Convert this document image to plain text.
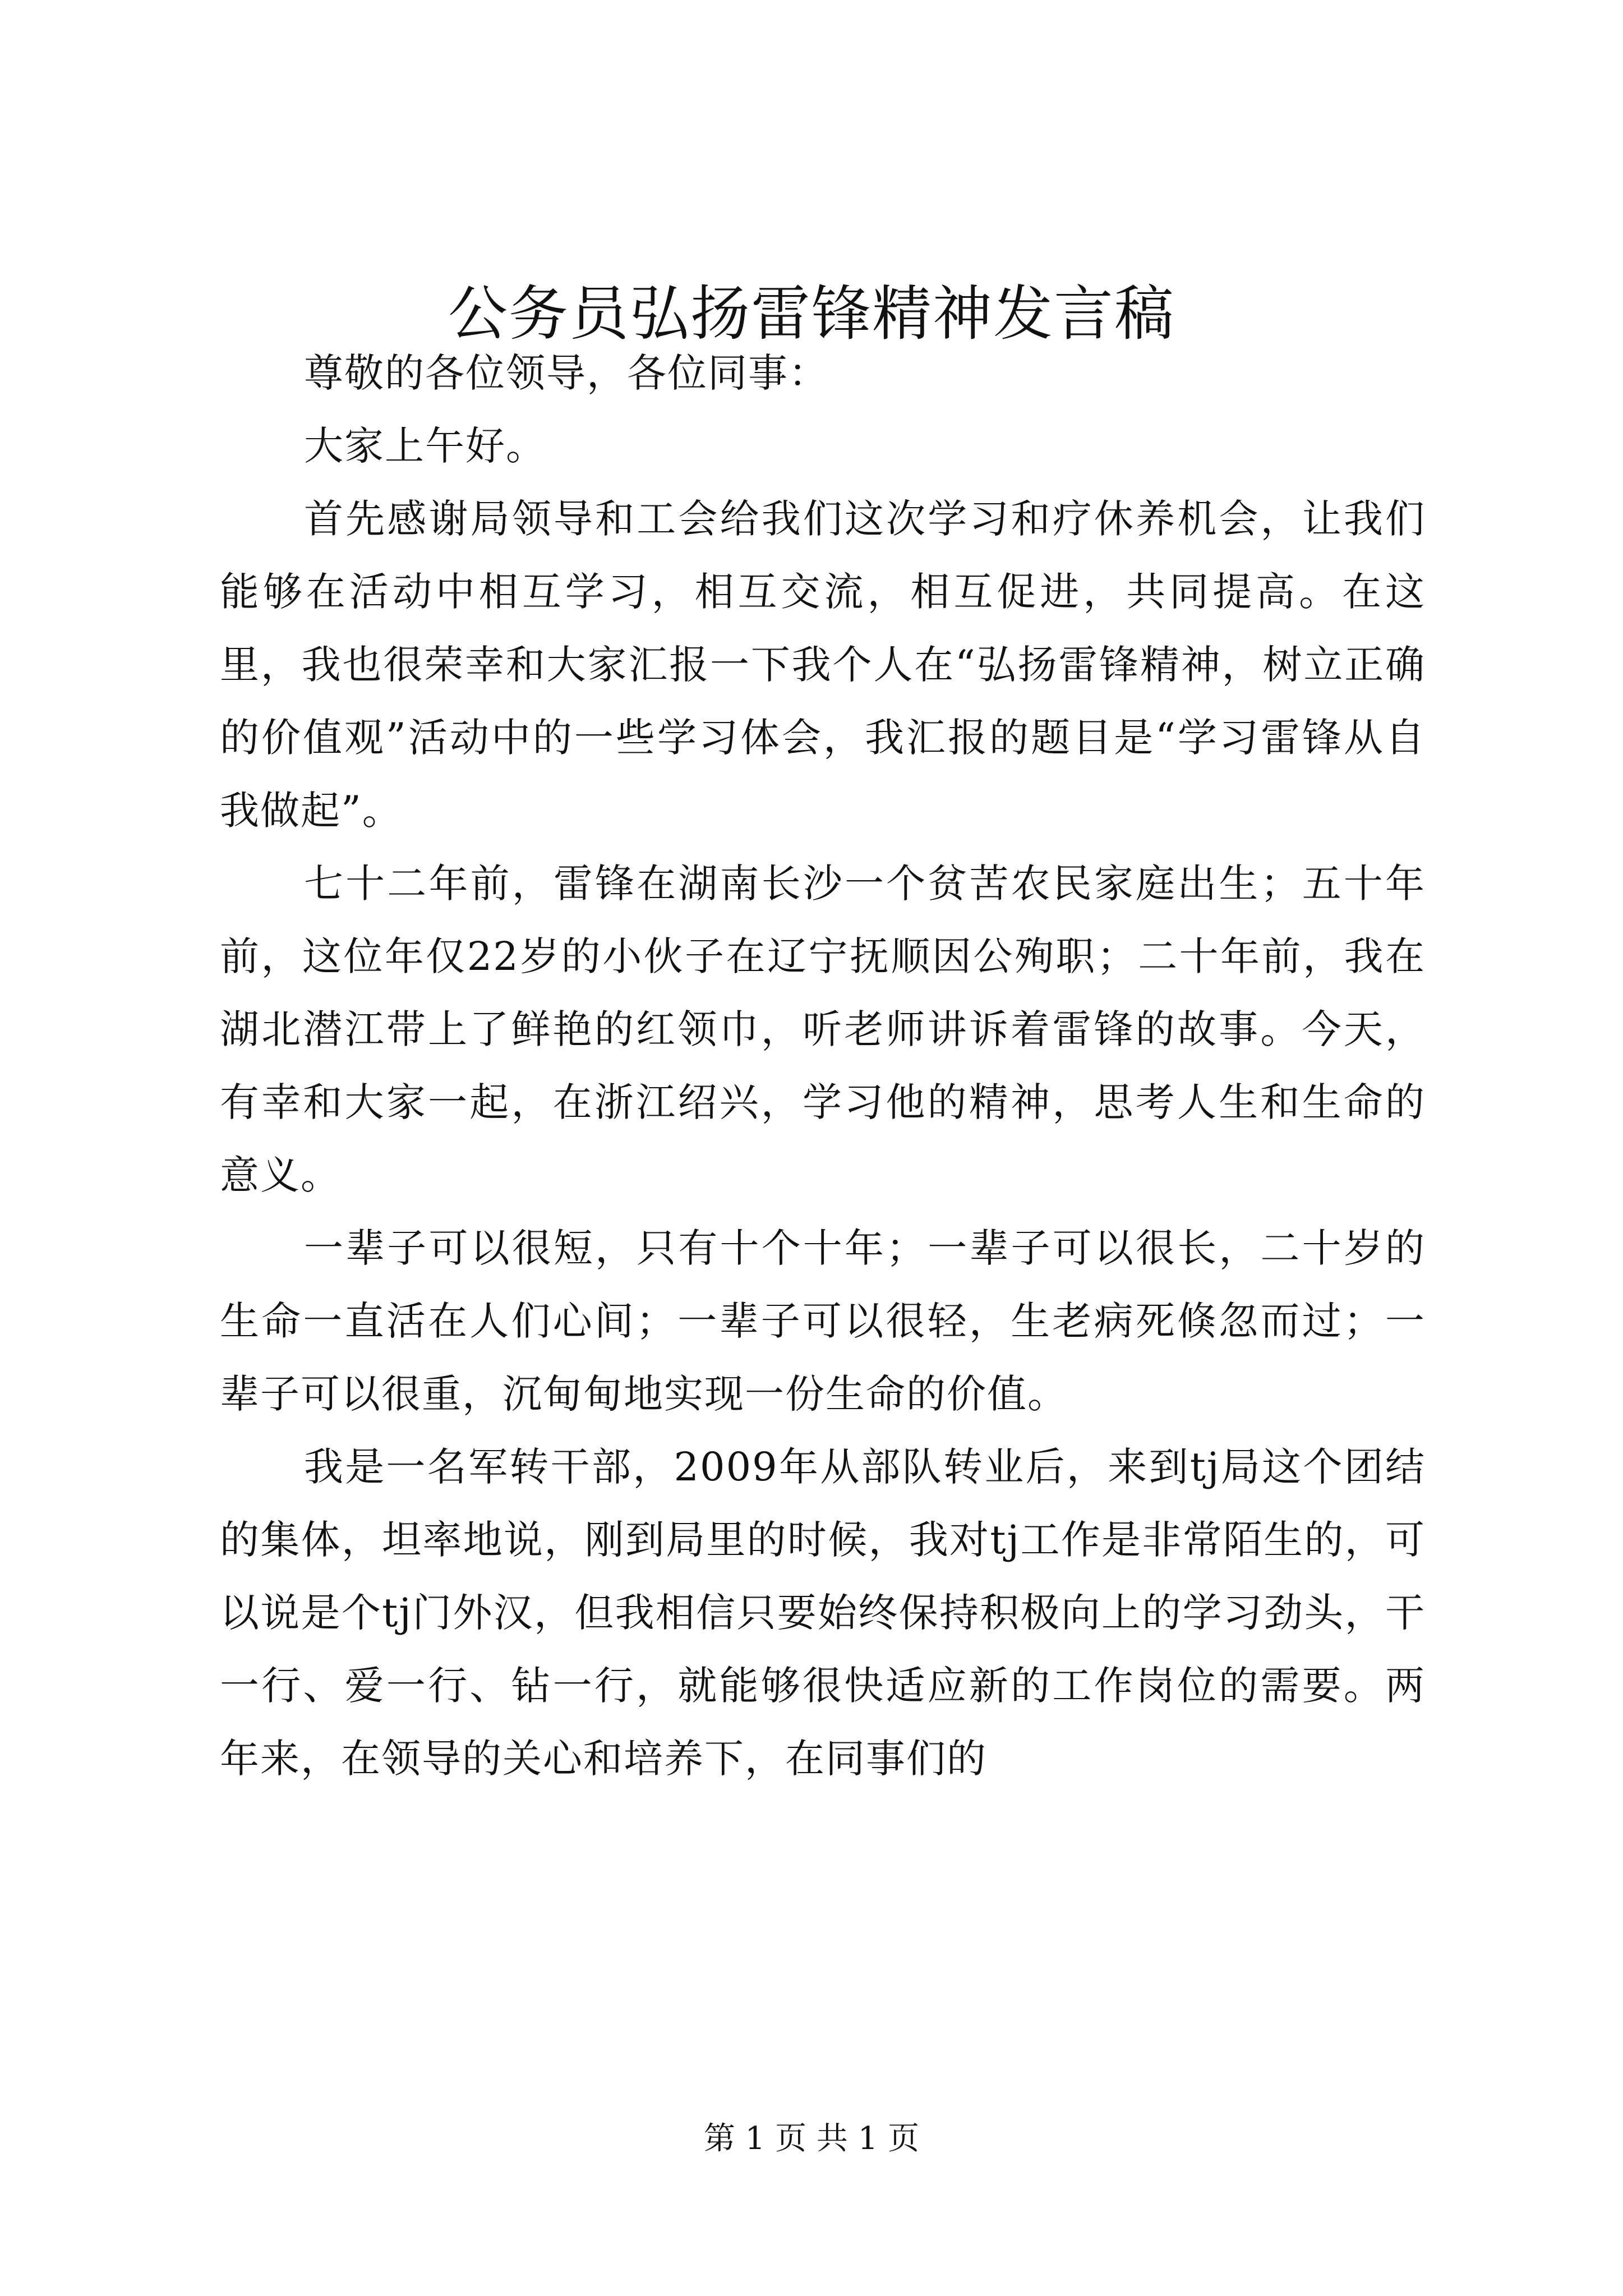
公务员弘扬雷锋精神发言稿

尊敬的各位领导，各位同事：

大家上午好。

首先感谢局领导和工会给我们这次学习和疗休养机会，让我们能够在活动中相互学习，相互交流，相互促进，共同提高。在这里，我也很荣幸和大家汇报一下我个人在“弘扬雷锋精神，树立正确的价值观”活动中的一些学习体会，我汇报的题目是“学习雷锋从自我做起”。

七十二年前，雷锋在湖南长沙一个贫苦农民家庭出生；五十年前，这位年仅22岁的小伙子在辽宁抚顺因公殉职；二十年前，我在湖北潜江带上了鲜艳的红领巾，听老师讲诉着雷锋的故事。今天，有幸和大家一起，在浙江绍兴，学习他的精神，思考人生和生命的意义。

一辈子可以很短，只有十个十年；一辈子可以很长，二十岁的生命一直活在人们心间；一辈子可以很轻，生老病死倏忽而过；一辈子可以很重，沉甸甸地实现一份生命的价值。

我是一名军转干部，2009年从部队转业后，来到tj局这个团结的集体，坦率地说，刚到局里的时候，我对tj工作是非常陌生的，可以说是个tj门外汉，但我相信只要始终保持积极向上的学习劲头，干一行、爱一行、钻一行，就能够很快适应新的工作岗位的需要。两年来，在领导的关心和培养下，在同事们的

第 1 页 共 1 页
